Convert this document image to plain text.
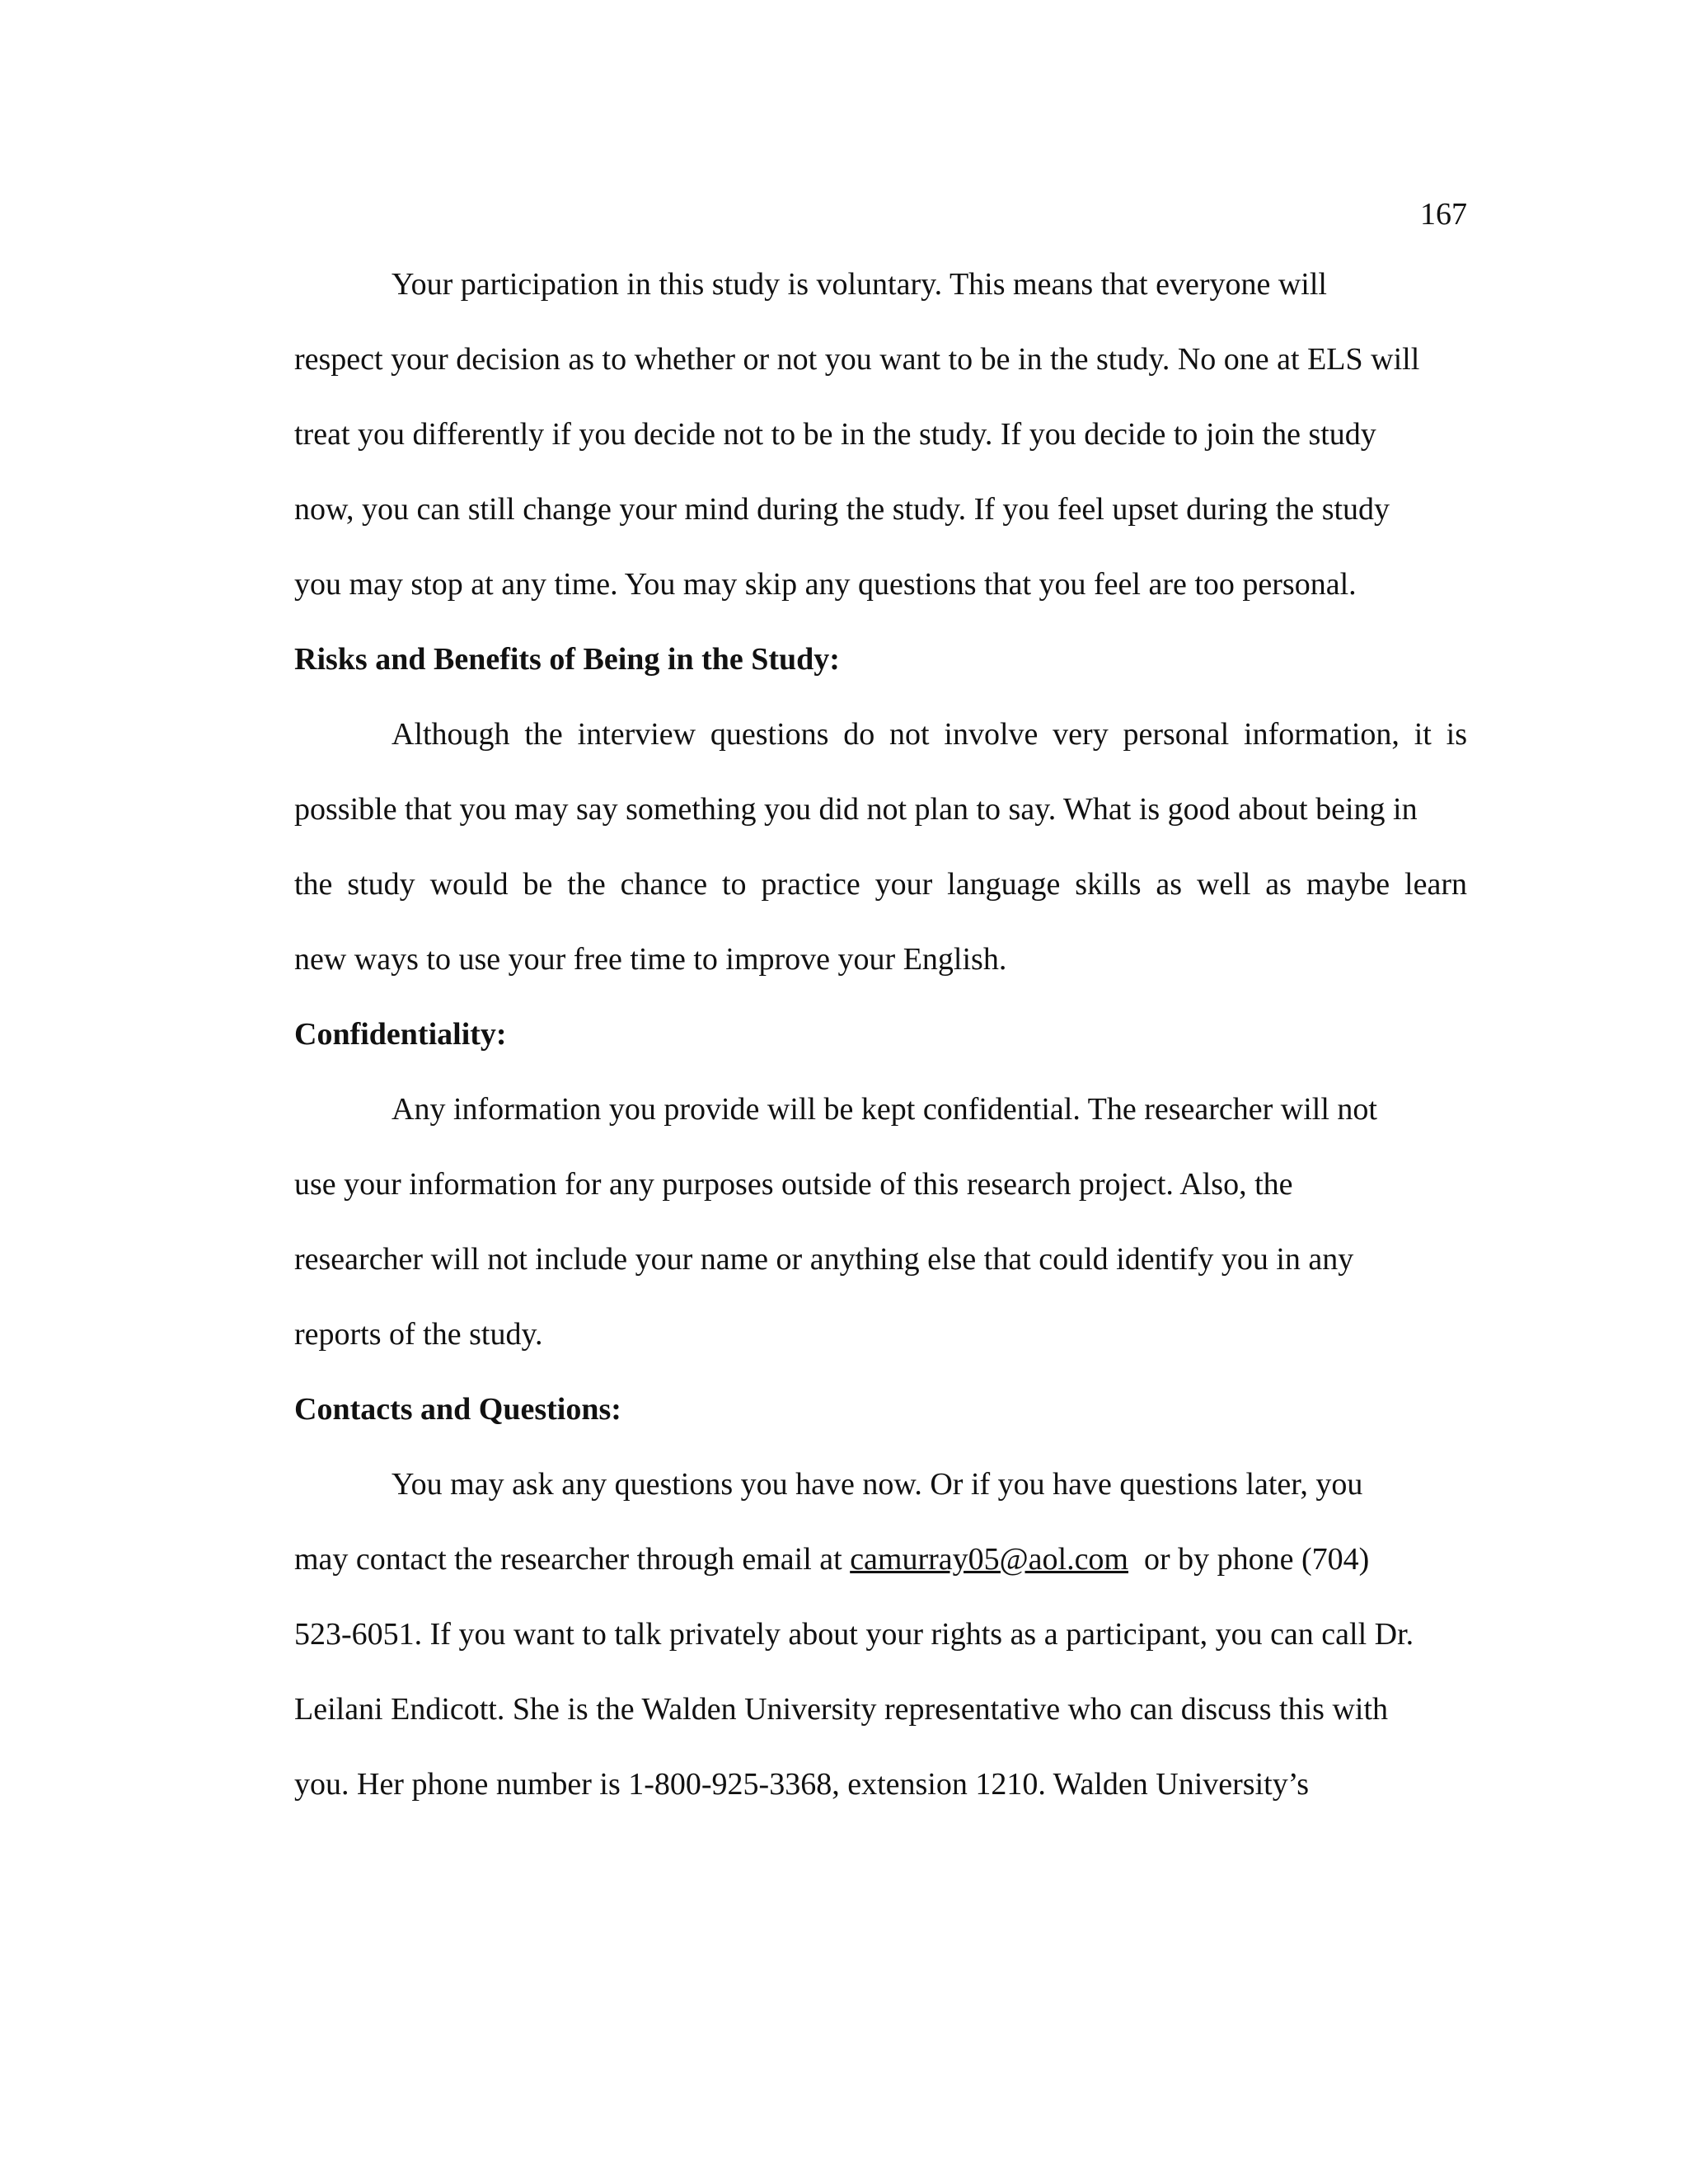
167
Your participation in this study is voluntary. This means that everyone will
respect your decision as to whether or not you want to be in the study. No one at ELS will
treat you differently if you decide not to be in the study. If you decide to join the study
now, you can still change your mind during the study. If you feel upset during the study
you may stop at any time. You may skip any questions that you feel are too personal.
Risks and Benefits of Being in the Study:
Although the interview questions do not involve very personal information, it is
possible that you may say something you did not plan to say. What is good about being in
the study would be the chance to practice your language skills as well as maybe learn
new ways to use your free time to improve your English.
Confidentiality:
Any information you provide will be kept confidential. The researcher will not
use your information for any purposes outside of this research project. Also, the
researcher will not include your name or anything else that could identify you in any
reports of the study.
Contacts and Questions:
You may ask any questions you have now. Or if you have questions later, you
may contact the researcher through email at camurray05@aol.com  or by phone (704)
523-6051. If you want to talk privately about your rights as a participant, you can call Dr.
Leilani Endicott. She is the Walden University representative who can discuss this with
you. Her phone number is 1-800-925-3368, extension 1210. Walden University’s
